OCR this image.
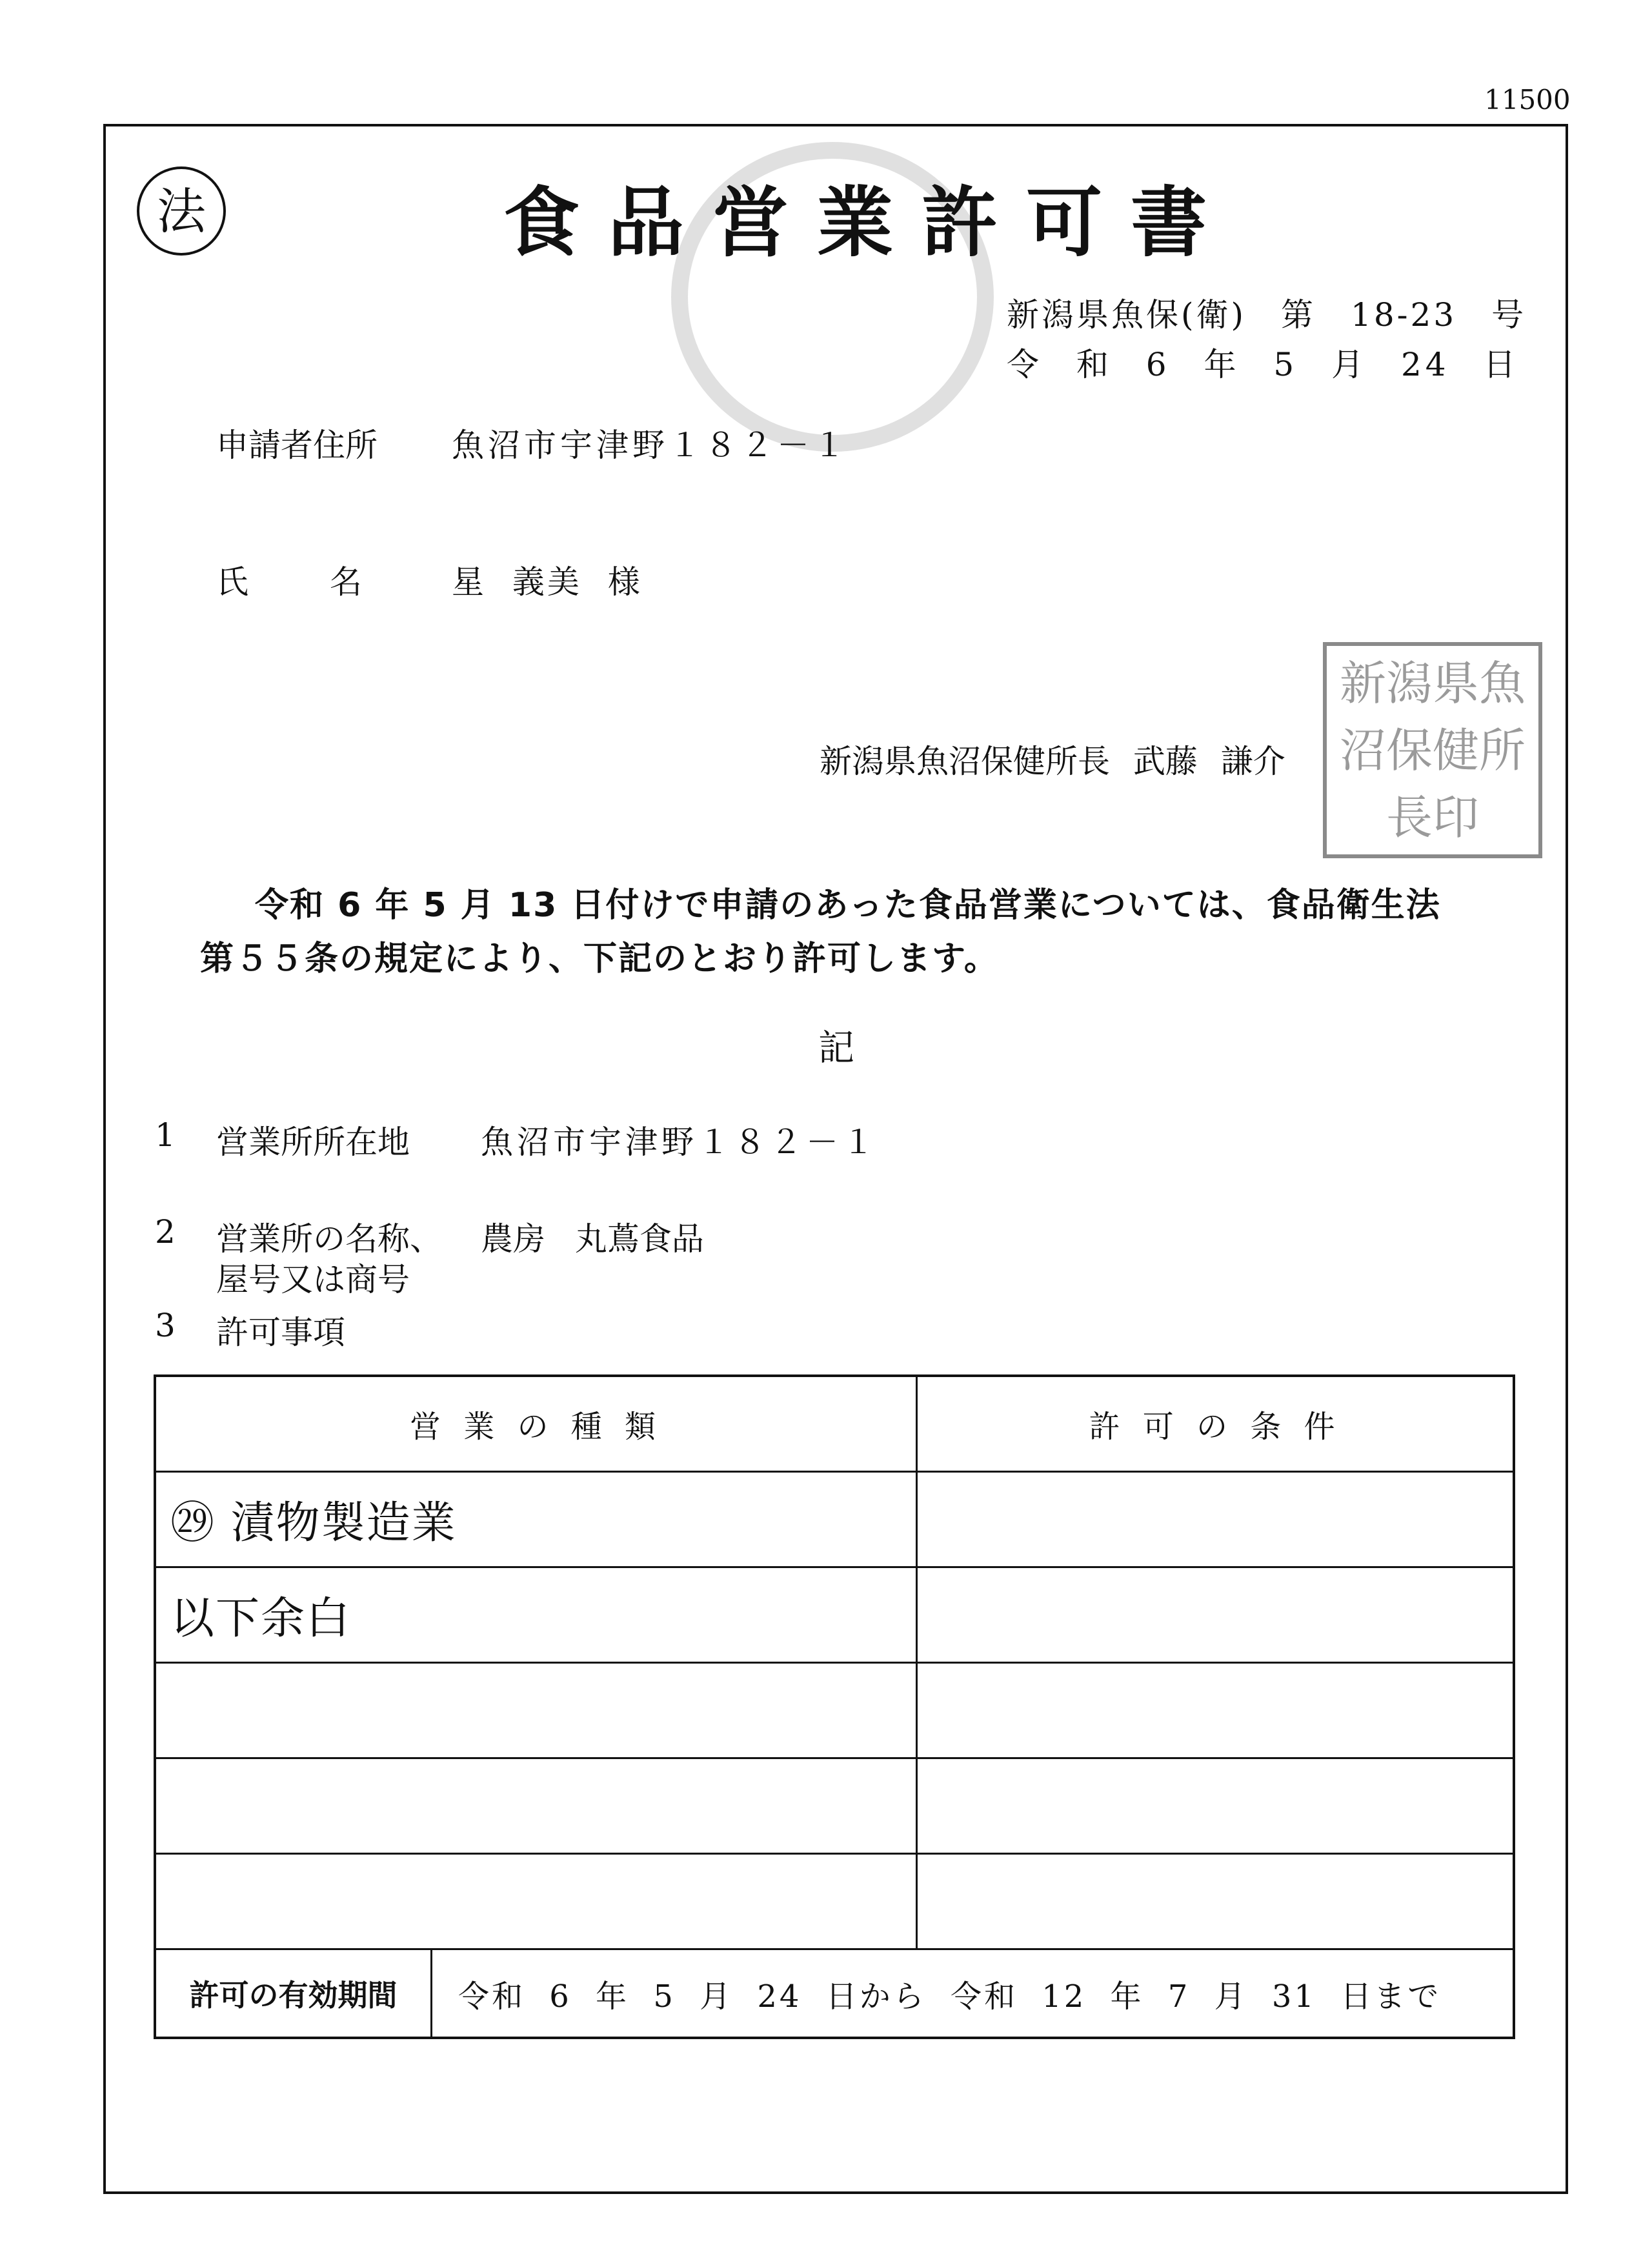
11500
法	食品営業許可書
新潟県魚保(衛)　第　18-23　号
令 和 6 年 5 月 24 日
申請者住所 魚沼市宇津野１８２－１
氏 名	星 義美 様
新潟県魚沼保健所長 武藤 謙介
新潟県魚沼保健所長印
令和 6 年 5 月 13 日付けで申請のあった食品営業については、食品衛生法
第５５条の規定により、下記のとおり許可します。
記
1 営業所所在地 魚沼市宇津野１８２－１
2 営業所の名称、
屋号又は商号
農房 丸蔦食品
3 許可事項
営 業 の 種 類	許 可 の 条 件
㉙ 漬物製造業
以下余白
許可の有効期間	令和 6 年 5 月 24 日から 令和 12 年 7 月 31 日まで
